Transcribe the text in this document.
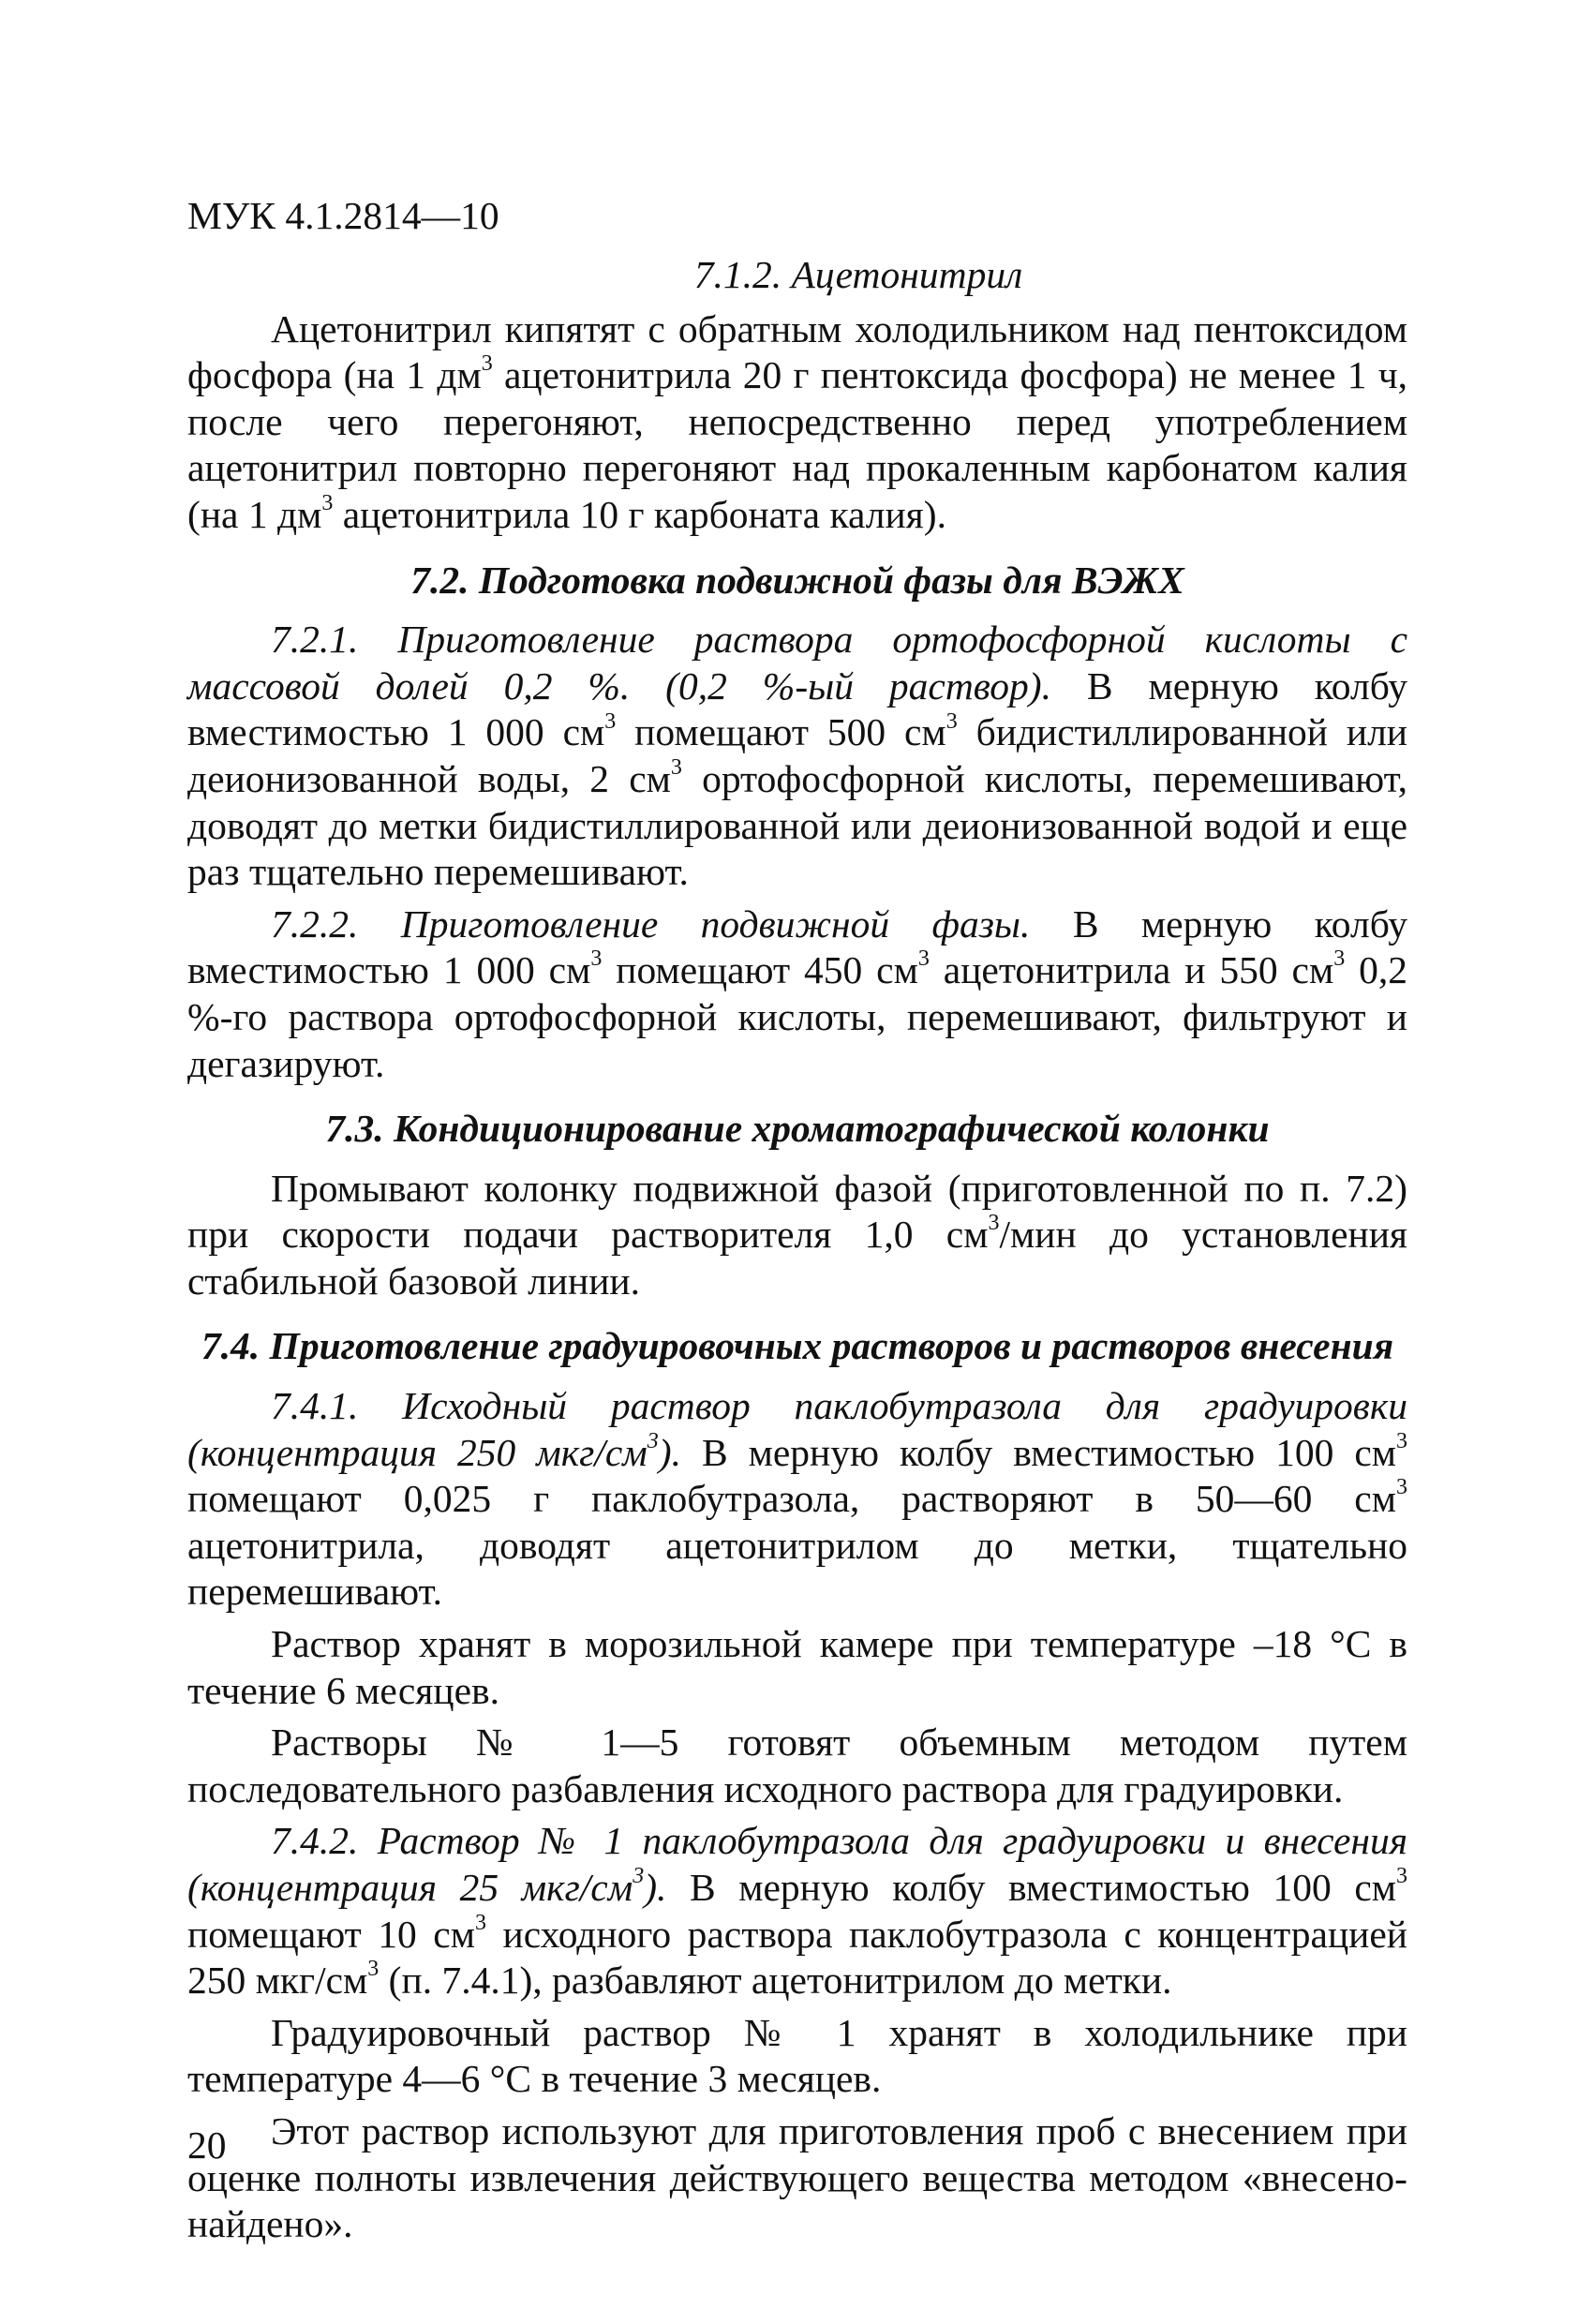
МУК 4.1.2814—10
7.1.2. Ацетонитрил

Ацетонитрил кипятят с обратным холодильником над пентоксидом фосфора (на 1 $дм^3$ ацетонитрила 20 г пентоксида фосфора) не менее 1 ч, после чего перегоняют, непосредственно перед употреблением ацетонитрил повторно перегоняют над прокаленным карбонатом калия (на 1 $дм^3$ ацетонитрила 10 г карбоната калия).

7.2. Подготовка подвижной фазы для ВЭЖХ

7.2.1. Приготовление раствора ортофосфорной кислоты с массовой долей 0,2 %. (0,2 %-ый раствор). В мерную колбу вместимостью 1 000 $см^3$ помещают 500 $см^3$ бидистиллированной или деионизованной воды, 2 $см^3$ ортофосфорной кислоты, перемешивают, доводят до метки бидистиллированной или деионизованной водой и еще раз тщательно перемешивают.

7.2.2. Приготовление подвижной фазы. В мерную колбу вместимостью 1 000 $см^3$ помещают 450 $см^3$ ацетонитрила и 550 $см^3$ 0,2 %-го раствора ортофосфорной кислоты, перемешивают, фильтруют и дегазируют.

7.3. Кондиционирование хроматографической колонки

Промывают колонку подвижной фазой (приготовленной по п. 7.2) при скорости подачи растворителя 1,0 $см^3$/мин до установления стабильной базовой линии.

7.4. Приготовление градуировочных растворов и растворов внесения

7.4.1. Исходный раствор паклобутразола для градуировки (концентрация 250 мкг/$см^3$). В мерную колбу вместимостью 100 $см^3$ помещают 0,025 г паклобутразола, растворяют в 50—60 $см^3$ ацетонитрила, доводят ацетонитрилом до метки, тщательно перемешивают.

Раствор хранят в морозильной камере при температуре –18 °С в течение 6 месяцев.

Растворы № 1—5 готовят объемным методом путем последовательного разбавления исходного раствора для градуировки.

7.4.2. Раствор № 1 паклобутразола для градуировки и внесения (концентрация 25 мкг/$см^3$). В мерную колбу вместимостью 100 $см^3$ помещают 10 $см^3$ исходного раствора паклобутразола с концентрацией 250 мкг/$см^3$ (п. 7.4.1), разбавляют ацетонитрилом до метки.

Градуировочный раствор № 1 хранят в холодильнике при температуре 4—6 °С в течение 3 месяцев.

Этот раствор используют для приготовления проб с внесением при оценке полноты извлечения действующего вещества методом «внесено-найдено».

20
